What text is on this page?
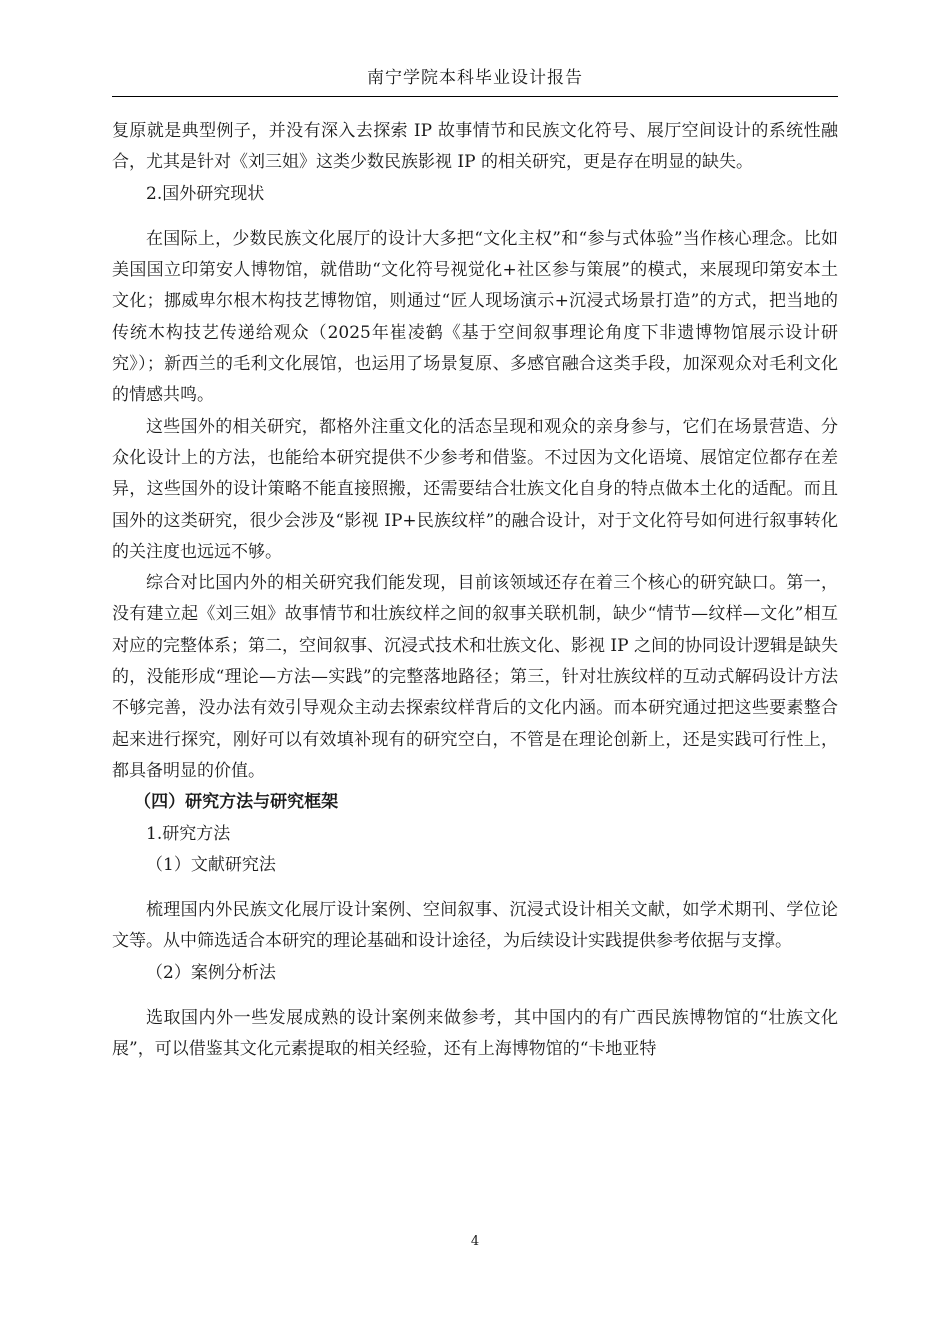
南宁学院本科毕业设计报告

复原就是典型例子，并没有深入去探索 IP 故事情节和民族文化符号、展厅空间设计的系统性融合，尤其是针对《刘三姐》这类少数民族影视 IP 的相关研究，更是存在明显的缺失。

2.国外研究现状

在国际上，少数民族文化展厅的设计大多把“文化主权”和“参与式体验”当作核心理念。比如美国国立印第安人博物馆，就借助“文化符号视觉化+社区参与策展”的模式，来展现印第安本土文化；挪威卑尔根木构技艺博物馆，则通过“匠人现场演示+沉浸式场景打造”的方式，把当地的传统木构技艺传递给观众（2025年崔凌鹤《基于空间叙事理论角度下非遗博物馆展示设计研究》）；新西兰的毛利文化展馆，也运用了场景复原、多感官融合这类手段，加深观众对毛利文化的情感共鸣。

这些国外的相关研究，都格外注重文化的活态呈现和观众的亲身参与，它们在场景营造、分众化设计上的方法，也能给本研究提供不少参考和借鉴。不过因为文化语境、展馆定位都存在差异，这些国外的设计策略不能直接照搬，还需要结合壮族文化自身的特点做本土化的适配。而且国外的这类研究，很少会涉及“影视 IP+民族纹样”的融合设计，对于文化符号如何进行叙事转化的关注度也远远不够。

综合对比国内外的相关研究我们能发现，目前该领域还存在着三个核心的研究缺口。第一，没有建立起《刘三姐》故事情节和壮族纹样之间的叙事关联机制，缺少“情节—纹样—文化”相互对应的完整体系；第二，空间叙事、沉浸式技术和壮族文化、影视 IP 之间的协同设计逻辑是缺失的，没能形成“理论—方法—实践”的完整落地路径；第三，针对壮族纹样的互动式解码设计方法不够完善，没办法有效引导观众主动去探索纹样背后的文化内涵。而本研究通过把这些要素整合起来进行探究，刚好可以有效填补现有的研究空白，不管是在理论创新上，还是实践可行性上，都具备明显的价值。

（四）研究方法与研究框架

1.研究方法

（1）文献研究法

梳理国内外民族文化展厅设计案例、空间叙事、沉浸式设计相关文献，如学术期刊、学位论文等。从中筛选适合本研究的理论基础和设计途径，为后续设计实践提供参考依据与支撑。

（2）案例分析法

选取国内外一些发展成熟的设计案例来做参考，其中国内的有广西民族博物馆的“壮族文化展”，可以借鉴其文化元素提取的相关经验，还有上海博物馆的“卡地亚特

4
